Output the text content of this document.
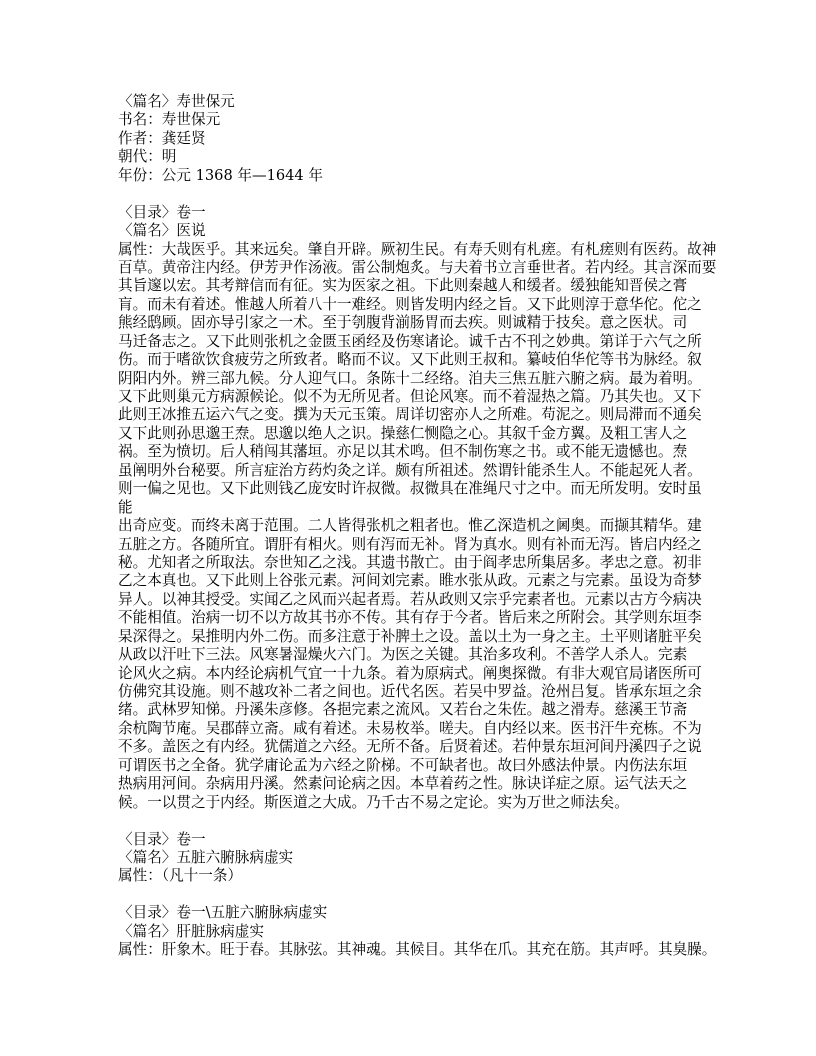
〈篇名〉寿世保元
书名：寿世保元
作者：龚廷贤
朝代：明
年份：公元 1368 年—1644 年
〈目录〉卷一
〈篇名〉医说
属性：大哉医乎。其来远矣。肇自开辟。厥初生民。有寿夭则有札瘥。有札瘥则有医药。故神
百草。黄帝注内经。伊芳尹作汤液。雷公制炮炙。与夫着书立言垂世者。若内经。其言深而要
其旨邃以宏。其考辩信而有征。实为医家之祖。下此则秦越人和缓者。缓独能知晋侯之膏
肓。而未有着述。惟越人所着八十一难经。则皆发明内经之旨。又下此则淳于意华佗。佗之
熊经鸱顾。固亦导引家之一术。至于刳腹背湔肠胃而去疾。则诚精于技矣。意之医状。司
马迁备志之。又下此则张机之金匮玉函经及伤寒诸论。诚千古不刊之妙典。第详于六气之所
伤。而于嗜欲饮食疲劳之所致者。略而不议。又下此则王叔和。纂岐伯华佗等书为脉经。叙
阴阳内外。辨三部九候。分人迎气口。条陈十二经络。洎夫三焦五脏六腑之病。最为着明。
又下此则巢元方病源候论。似不为无所见者。但论风寒。而不着湿热之篇。乃其失也。又下
此则王冰推五运六气之变。撰为天元玉策。周详切密亦人之所难。苟泥之。则局滞而不通矣
又下此则孙思邈王焘。思邈以绝人之识。操慈仁恻隐之心。其叙千金方翼。及粗工害人之
祸。至为愤切。后人稍闯其藩垣。亦足以其术鸣。但不制伤寒之书。或不能无遗憾也。焘
虽阐明外台秘要。所言症治方药灼灸之详。颇有所祖述。然谓针能杀生人。不能起死人者。
则一偏之见也。又下此则钱乙庞安时许叔微。叔微具在准绳尺寸之中。而无所发明。安时虽
能
出奇应变。而终未离于范围。二人皆得张机之粗者也。惟乙深造机之阃奥。而撷其精华。建
五脏之方。各随所宜。谓肝有相火。则有泻而无补。肾为真水。则有补而无泻。皆启内经之
秘。尤知者之所取法。奈世知乙之浅。其遗书散亡。由于阎孝忠所集居多。孝忠之意。初非
乙之本真也。又下此则上谷张元素。河间刘完素。睢水张从政。元素之与完素。虽设为奇梦
异人。以神其授受。实闻乙之风而兴起者焉。若从政则又宗乎完素者也。元素以古方今病决
不能相值。治病一切不以方故其书亦不传。其有存于今者。皆后来之所附会。其学则东垣李
杲深得之。杲推明内外二伤。而多注意于补脾土之设。盖以土为一身之主。土平则诸脏平矣
从政以汗吐下三法。风寒暑湿燥火六门。为医之关键。其治多攻利。不善学人杀人。完素
论风火之病。本内经论病机气宜一十九条。着为原病式。阐奥探微。有非大观官局诸医所可
仿佛究其设施。则不越攻补二者之间也。近代名医。若吴中罗益。沧州吕复。皆承东垣之余
绪。武林罗知悌。丹溪朱彦修。各挹完素之流风。又若台之朱佐。越之滑寿。慈溪王节斋
余杭陶节庵。吴郡薛立斋。咸有着述。未易枚举。嗟夫。自内经以来。医书汗牛充栋。不为
不多。盖医之有内经。犹儒道之六经。无所不备。后贤着述。若仲景东垣河间丹溪四子之说
可谓医书之全备。犹学庸论孟为六经之阶梯。不可缺者也。故曰外感法仲景。内伤法东垣
热病用河间。杂病用丹溪。然素问论病之因。本草着药之性。脉诀详症之原。运气法天之
候。一以贯之于内经。斯医道之大成。乃千古不易之定论。实为万世之师法矣。
〈目录〉卷一
〈篇名〉五脏六腑脉病虚实
属性：（凡十一条）
〈目录〉卷一\五脏六腑脉病虚实
〈篇名〉肝脏脉病虚实
属性：肝象木。旺于春。其脉弦。其神魂。其候目。其华在爪。其充在筋。其声呼。其臭臊。
